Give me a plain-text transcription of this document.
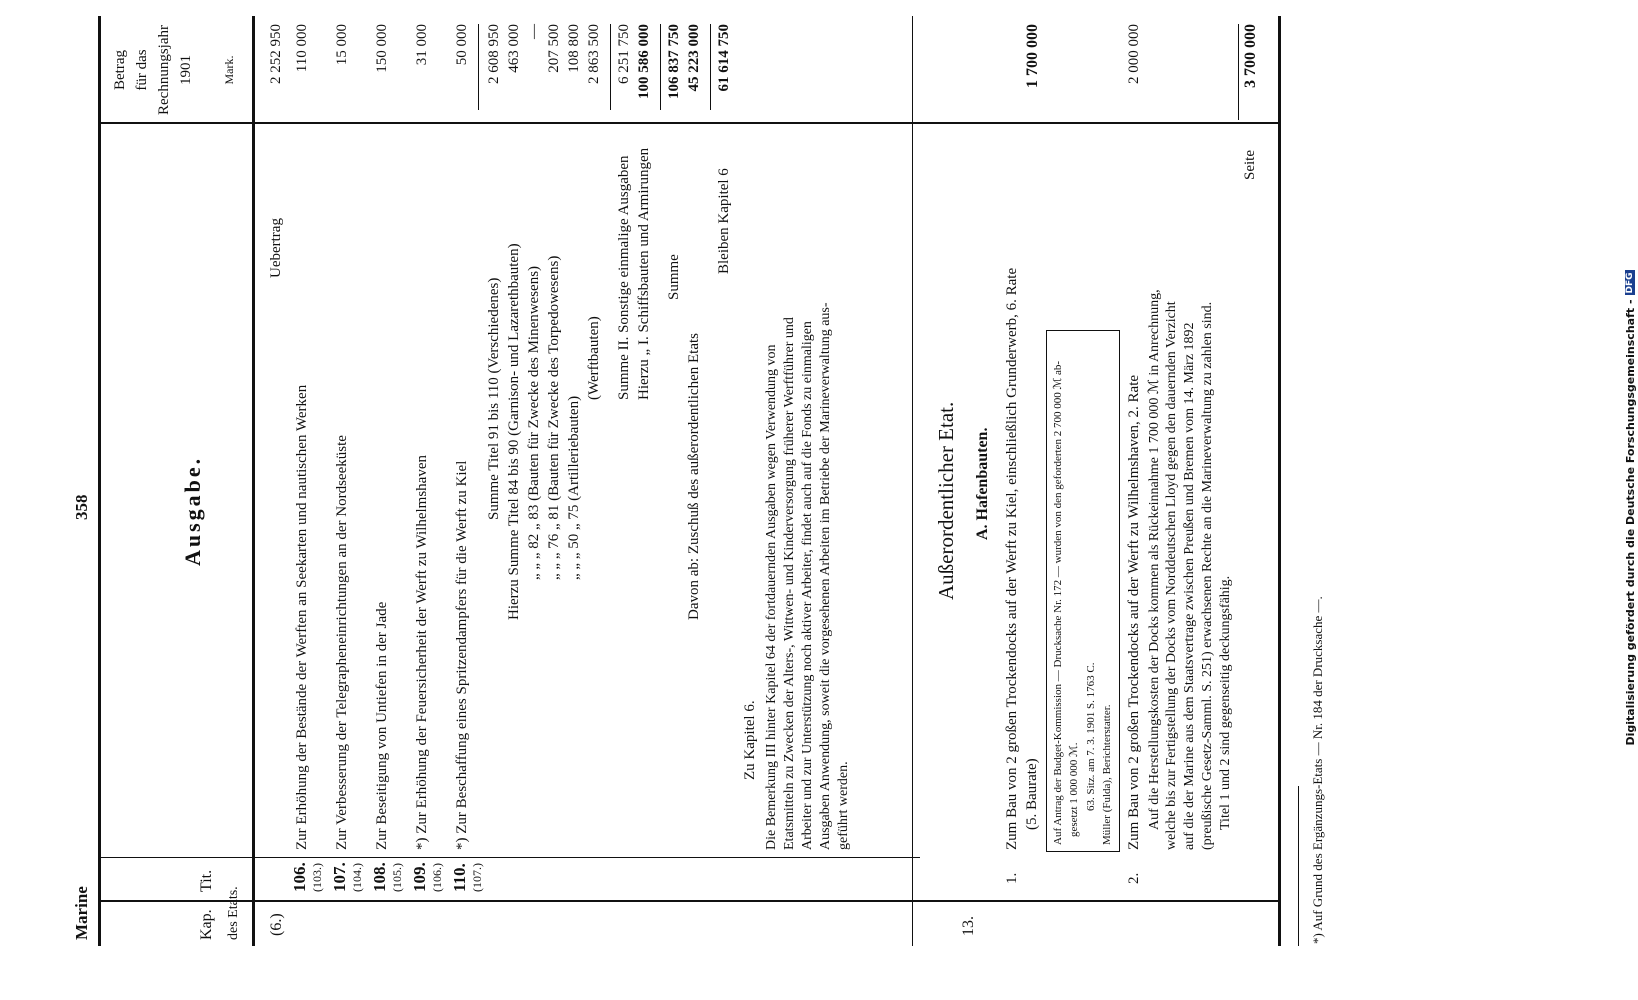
Digitalisierung gefördert durch die Deutsche Forschungsgemeinschaft -
DFG
Marine
358
Kap.
Tit.
des Etats.
Ausgabe.
Betrag für das Rechnungsjahr 1901 Mark.
Uebertrag
2 252 950
(6.)
106. (103.)
Zur Erhöhung der Bestände der Werften an Seekarten und nautischen Werken
110 000
107. (104.)
Zur Verbesserung der Telegrapheneinrichtungen an der Nordseeküste
15 000
108. (105.)
Zur Beseitigung von Untiefen in der Jade
150 000
109. (106.)
*) Zur Erhöhung der Feuersicherheit der Werft zu Wilhelmshaven
31 000
110. (107.)
*) Zur Beschaffung eines Spritzendampfers für die Werft zu Kiel
50 000
Summe Titel 91 bis 110 (Verschiedenes)
2 608 950
Hierzu Summe Titel 84 bis 90 (Garnison- und Lazarethbauten)
463 000
„ „ „ 82 „ 83 (Bauten für Zwecke des Minenwesens)
—
„ „ „ 76 „ 81 (Bauten für Zwecke des Torpedowesens)
207 500
„ „ „ 50 „ 75 (Artilleriebauten)
108 800
(Werftbauten)
2 863 500
Summe II. Sonstige einmalige Ausgaben
6 251 750
Hierzu „ I. Schiffsbauten und Armirungen
100 586 000
Summe
106 837 750
Davon ab: Zuschuß des außerordentlichen Etats
45 223 000
Bleiben Kapitel 6
61 614 750
Zu Kapitel 6. Die Bemerkung III hinter Kapitel 64 der fortdauernden Ausgaben wegen Verwendung von Etatsmitteln zu Zwecken der Alters-, Wittwen- und Kinderversorgung früherer Werftführer und Arbeiter und zur Unterstützung noch aktiver Arbeiter, findet auch auf die Fonds zu einmaligen Ausgaben Anwendung, soweit die vorgesehenen Arbeiten im Betriebe der Marineverwaltung aus- geführt werden.
Außerordentlicher Etat.
13.
A. Hafenbauten.
1.
Zum Bau von 2 großen Trockendocks auf der Werft zu Kiel, einschließlich Grunderwerb, 6. Rate (5. Baurate)
1 700 000
Auf Antrag der Budget-Kommission — Drucksache Nr. 172 — wurden von den geforderten 2 700 000 ℳ ab- gesetzt 1 000 000 ℳ. 63. Sitz. am 7. 3. 1901 S. 1763 C. Müller (Fulda), Berichterstatter.
2.
Zum Bau von 2 großen Trockendocks auf der Werft zu Wilhelmshaven, 2. Rate
2 000 000
Auf die Herstellungskosten der Docks kommen als Rückeinnahme 1 700 000 ℳ in Anrechnung, welche bis zur Fertigstellung der Docks vom Norddeutschen Lloyd gegen den dauernden Verzicht auf die der Marine aus dem Staatsvertrage zwischen Preußen und Bremen vom 14. März 1892 (preußische Gesetz-Samml. S. 251) erwachsenen Rechte an die Marineverwaltung zu zahlen sind. Titel 1 und 2 sind gegenseitig deckungsfähig.
Seite
3 700 000
*) Auf Grund des Ergänzungs-Etats — Nr. 184 der Drucksache —.
